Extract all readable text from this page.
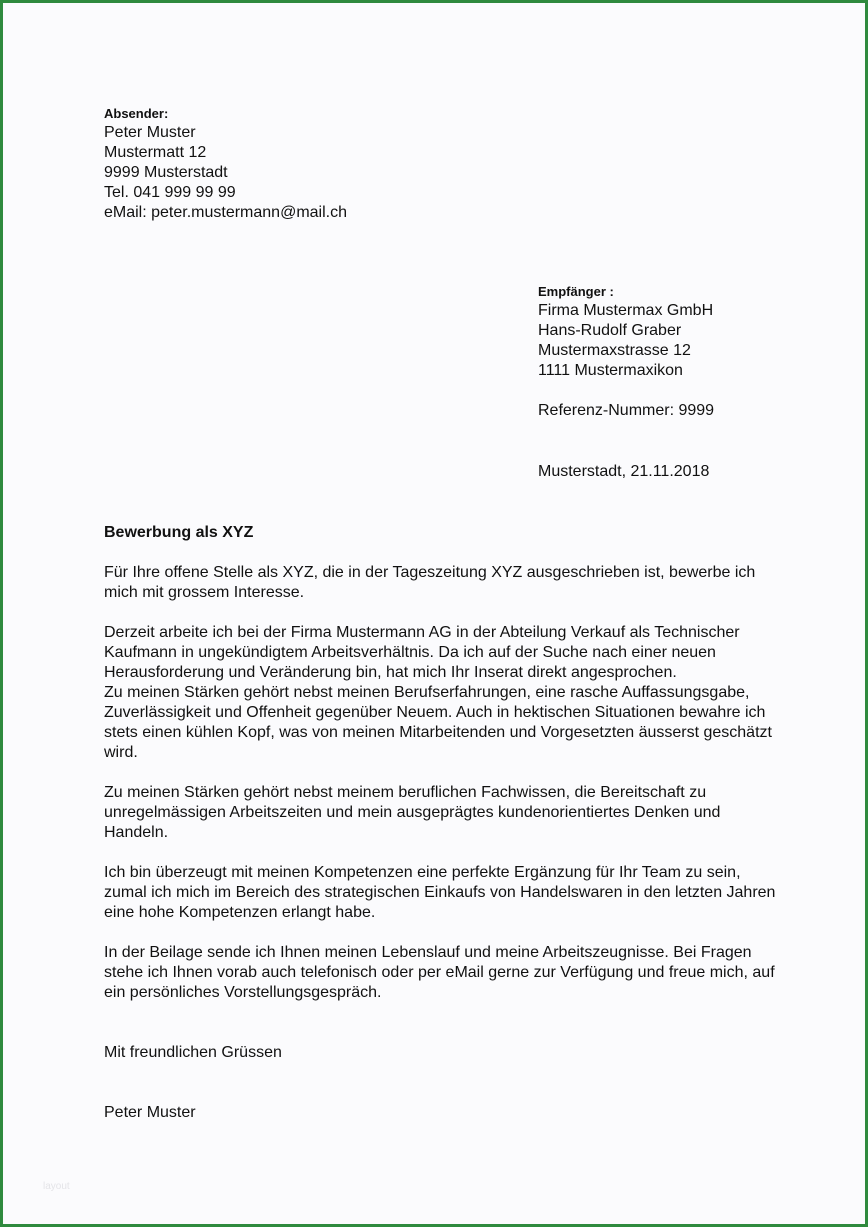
Absender:
Peter Muster
Mustermatt 12
9999 Musterstadt
Tel. 041 999 99 99
eMail: peter.mustermann@mail.ch
Empfänger :
Firma Mustermax GmbH
Hans-Rudolf Graber
Mustermaxstrasse 12
1111 Mustermaxikon
Referenz-Nummer: 9999
Musterstadt, 21.11.2018
Bewerbung als XYZ

Für Ihre offene Stelle als XYZ, die in der Tageszeitung XYZ ausgeschrieben ist, bewerbe ich mich mit grossem Interesse.

Derzeit arbeite ich bei der Firma Mustermann AG in der Abteilung Verkauf als Technischer Kaufmann in ungekündigtem Arbeitsverhältnis. Da ich auf der Suche nach einer neuen Herausforderung und Veränderung bin, hat mich Ihr Inserat direkt angesprochen.

Zu meinen Stärken gehört nebst meinen Berufserfahrungen, eine rasche Auffassungsgabe, Zuverlässigkeit und Offenheit gegenüber Neuem. Auch in hektischen Situationen bewahre ich stets einen kühlen Kopf, was von meinen Mitarbeitenden und Vorgesetzten äusserst geschätzt wird.

Zu meinen Stärken gehört nebst meinem beruflichen Fachwissen, die Bereitschaft zu unregelmässigen Arbeitszeiten und mein ausgeprägtes kundenorientiertes Denken und Handeln.

Ich bin überzeugt mit meinen Kompetenzen eine perfekte Ergänzung für Ihr Team zu sein, zumal ich mich im Bereich des strategischen Einkaufs von Handelswaren in den letzten Jahren eine hohe Kompetenzen erlangt habe.

In der Beilage sende ich Ihnen meinen Lebenslauf und meine Arbeitszeugnisse. Bei Fragen stehe ich Ihnen vorab auch telefonisch oder per eMail gerne zur Verfügung und freue mich, auf ein persönliches Vorstellungsgespräch.

Mit freundlichen Grüssen
Peter Muster
layout
